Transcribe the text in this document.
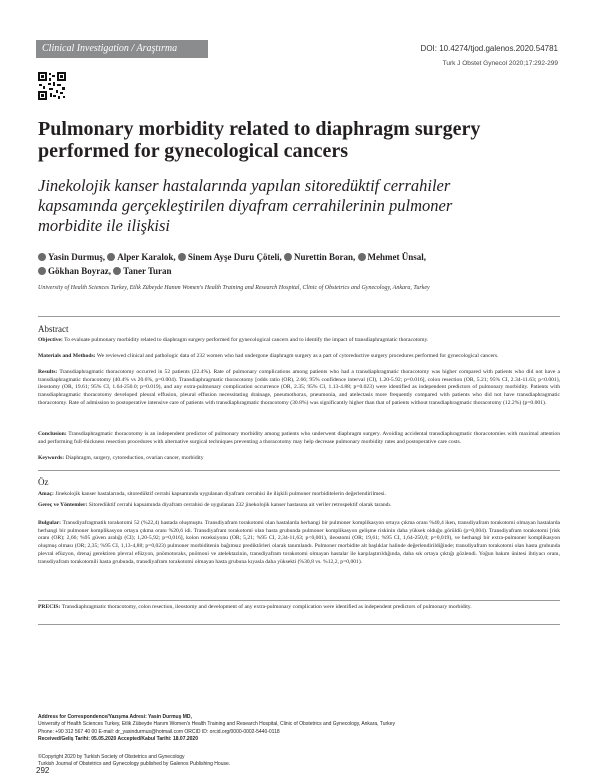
Clinical Investigation / Araştırma	DOI: 10.4274/tjod.galenos.2020.54781
Turk J Obstet Gynecol 2020;17:292-299
Pulmonary morbidity related to diaphragm surgery performed for gynecological cancers
Jinekolojik kanser hastalarında yapılan sitoredüktif cerrahiler kapsamında gerçekleştirilen diyafram cerrahilerinin pulmoner morbidite ile ilişkisi
Yasin Durmuş, Alper Karalok, Sinem Ayşe Duru Çöteli, Nurettin Boran, Mehmet Ünsal,
Gökhan Boyraz, Taner Turan
University of Health Sciences Turkey, Etlik Zübeyde Hanım Women's Health Training and Research Hospital, Clinic of Obstetrics and Gynecology, Ankara, Turkey
Abstract
Objective: To evaluate pulmonary morbidity related to diaphragm surgery performed for gynecological cancers and to identify the impact of transdiaphragmatic thoracotomy.
Materials and Methods: We reviewed clinical and pathologic data of 232 women who had undergone diaphragm surgery as a part of cytoreductive surgery procedures performed for gynecological cancers.
Results: Transdiaphragmatic thoracotomy occurred in 52 patients (22.4%). Rate of pulmonary complications among patients who had a transdiaphragmatic thoracotomy was higher compared with patients who did not have a transdiaphragmatic thoracotomy (40.4% vs 20.6%, p=0.004). Transdiaphragmatic thoracotomy [odds ratio (OR), 2.66; 95% confidence interval (CI), 1.20-5.92; p=0.016], colon resection (OR, 5.21; 95% CI, 2.34-11.63; p<0.001), ileostomy (OR, 19.61; 95% CI, 1.64-250.0; p=0.019), and any extra-pulmonary complication occurrence (OR, 2.35; 95% CI, 1.13-4.88; p=0.023) were identified as independent predictors of pulmonary morbidity. Patients with transdiaphragmatic thoracotomy developed pleural effusion, pleural effusion necessitating drainage, pneumothorax, pneumonia, and atelectasis more frequently compared with patients who did not have transdiaphragmatic thoracotomy. Rate of admission to postoperative intensive care of patients with transdiaphragmatic thoracotomy (30.8%) was significantly higher than that of patients without transdiaphragmatic thoracotomy (12.2%) (p=0.001).
Conclusion: Transdiaphragmatic thoracotomy is an independent predictor of pulmonary morbidity among patients who underwent diaphragm surgery. Avoiding accidental transdiaphragmatic thoracotomies with maximal attention and performing full-thickness resection procedures with alternative surgical techniques preventing a thoracotomy may help decrease pulmonary morbidity rates and postoperative care costs.
Keywords: Diaphragm, surgery, cytoreduction, ovarian cancer, morbidity
Öz
Amaç: Jinekolojik kanser hastalarında, sitoredüktif cerrahi kapsamında uygulanan diyafram cerrahisi ile ilişkili pulmoner morbiditelerin değerlendirilmesi.
Gereç ve Yöntemler: Sitoredüktif cerrahi kapsamında diyafram cerrahisi de uygulanan 232 jinekolojik kanser hastasına ait veriler retrospektif olarak tarandı.
Bulgular: Transdiyafragmatik torakotomi 52 (%22,4) hastada oluşmuştu. Transdiyafram torakotomi olan hastalarda herhangi bir pulmoner komplikasyon ortaya çıkma oranı %40,4 iken, transdiyafram torakotomi olmayan hastalarda herhangi bir pulmoner komplikasyon ortaya çıkma oranı %20,6 idi. Transdiyafram torakotomi olan hasta grubunda pulmoner komplikasyon gelişme riskinin daha yüksek olduğu görüldü (p=0,004). Transdiyafram torakotomi [risk oranı (OR); 2,66; %95 güven aralığı (CI); 1,20-5,92; p=0,016], kolon rezeksiyonu (OR; 5,21; %95 CI, 2,34-11,63; p<0,001), ileostomi (OR; 19,61; %95 CI, 1,64-250,0; p=0,019), ve herhangi bir extra-pulmoner komplikasyon oluşmuş olması (OR; 2,35; %95 CI, 1,13-4,88; p=0,023) pulmoner morbiditenin bağımsız prediktörleri olarak tanımlandı. Pulmoner morbidite alt başlıklar halinde değerlendirildiğinde; transdiyafram torakotomi olan hasta grubunda plevral efüzyon, drenaj gerektiren plevral efüzyon, pnömotoraks, pnömoni ve atelektazinin, transdiyafram torakotomi olmayan hastalar ile karşılaştırıldığında, daha sık ortaya çıktığı gözlendi. Yoğun bakım ünitesi ihtiyacı oranı, transdiyafram torakotomili hasta grubunda, transdiyafram torakotomi olmayan hasta grubuna kıyasla daha yüksekti (%30,8 vs. %12,2, p=0,001).
PRECIS: Transdiaphragmatic thoracotomy, colon resection, ileostomy and development of any extra-pulmonary complication were identified as independent predictors of pulmonary morbidity.
Address for Correspondence/Yazışma Adresi: Yasin Durmuş MD,
University of Health Sciences Turkey, Etlik Zübeyde Hanım Women's Health Training and Research Hospital, Clinic of Obstetrics and Gynecology, Ankara, Turkey
Phone: +90 312 567 40 00 E-mail: dr_yasindurmus@hotmail.com ORCID ID: orcid.org/0000-0002-5440-0118
Received/Geliş Tarihi: 05.05.2020 Accepted/Kabul Tarihi: 18.07.2020
©Copyright 2020 by Turkish Society of Obstetrics and Gynecology
Turkish Journal of Obstetrics and Gynecology published by Galenos Publishing House.
292
